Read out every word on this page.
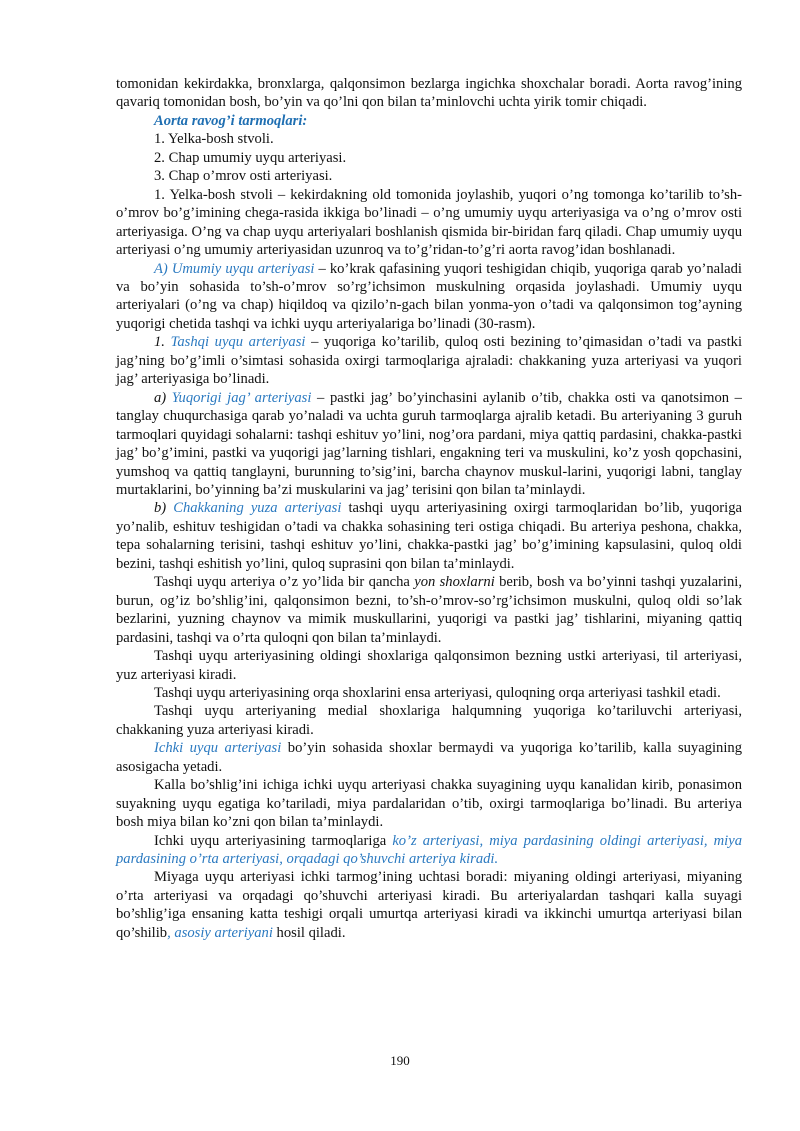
tomonidan kekirdakka, bronxlarga, qalqonsimon bezlarga ingichka shoxchalar boradi. Aorta ravog’ining qavariq tomonidan bosh, bo’yin va qo’lni qon bilan ta’minlovchi uchta yirik tomir chiqadi.

Aorta ravog’i tarmoqlari:

1. Yelka-bosh stvoli.

2. Chap umumiy uyqu arteriyasi.

3. Chap o’mrov osti arteriyasi.

1. Yelka-bosh stvoli – kekirdakning old tomonida joylashib, yuqori o’ng tomonga ko’tarilib to’sh-o’mrov bo’g’imining chega-rasida ikkiga bo’linadi – o’ng umumiy uyqu arteriyasiga va o’ng o’mrov osti arteriyasiga. O’ng va chap uyqu arteriyalari boshlanish qismida bir-biridan farq qiladi. Chap umumiy uyqu arteriyasi o’ng umumiy arteriyasidan uzunroq va to’g’ridan-to’g’ri aorta ravog’idan boshlanadi.

A) Umumiy uyqu arteriyasi – ko’krak qafasining yuqori teshigidan chiqib, yuqoriga qarab yo’naladi va bo’yin sohasida to’sh-o’mrov so’rg’ichsimon muskulning orqasida joylashadi. Umumiy uyqu arteriyalari (o’ng va chap) hiqildoq va qizilo’n-gach bilan yonma-yon o’tadi va qalqonsimon tog’ayning yuqorigi chetida tashqi va ichki uyqu arteriyalariga bo’linadi (30-rasm).

1. Tashqi uyqu arteriyasi – yuqoriga ko’tarilib, quloq osti bezining to’qimasidan o’tadi va pastki jag’ning bo’g’imli o’simtasi sohasida oxirgi tarmoqlariga ajraladi: chakkaning yuza arteriyasi va yuqori jag’ arteriyasiga bo’linadi.

a) Yuqorigi jag’ arteriyasi – pastki jag’ bo’yinchasini aylanib o’tib, chakka osti va qanotsimon – tanglay chuqurchasiga qarab yo’naladi va uchta guruh tarmoqlarga ajralib ketadi. Bu arteriyaning 3 guruh tarmoqlari quyidagi sohalarni: tashqi eshituv yo’lini, nog’ora pardani, miya qattiq pardasini, chakka-pastki jag’ bo’g’imini, pastki va yuqorigi jag’larning tishlari, engakning teri va muskulini, ko’z yosh qopchasini, yumshoq va qattiq tanglayni, burunning to’sig’ini, barcha chaynov muskul-larini, yuqorigi labni, tanglay murtaklarini, bo’yinning ba’zi muskularini va jag’ terisini qon bilan ta’minlaydi.

b) Chakkaning yuza arteriyasi tashqi uyqu arteriyasining oxirgi tarmoqlaridan bo’lib, yuqoriga yo’nalib, eshituv teshigidan o’tadi va chakka sohasining teri ostiga chiqadi. Bu arteriya peshona, chakka, tepa sohalarning terisini, tashqi eshituv yo’lini, chakka-pastki jag’ bo’g’imining kapsulasini, quloq oldi bezini, tashqi eshitish yo’lini, quloq suprasini qon bilan ta’minlaydi.

Tashqi uyqu arteriya o’z yo’lida bir qancha yon shoxlarni berib, bosh va bo’yinni tashqi yuzalarini, burun, og’iz bo’shlig’ini, qalqonsimon bezni, to’sh-o’mrov-so’rg’ichsimon muskulni, quloq oldi so’lak bezlarini, yuzning chaynov va mimik muskullarini, yuqorigi va pastki jag’ tishlarini, miyaning qattiq pardasini, tashqi va o’rta quloqni qon bilan ta’minlaydi.

Tashqi uyqu arteriyasining oldingi shoxlariga qalqonsimon bezning ustki arteriyasi, til arteriyasi, yuz arteriyasi kiradi.

Tashqi uyqu arteriyasining orqa shoxlarini ensa arteriyasi, quloqning orqa arteriyasi tashkil etadi.

Tashqi uyqu arteriyaning medial shoxlariga halqumning yuqoriga ko’tariluvchi arteriyasi, chakkaning yuza arteriyasi kiradi.

Ichki uyqu arteriyasi bo’yin sohasida shoxlar bermaydi va yuqoriga ko’tarilib, kalla suyagining asosigacha yetadi.

Kalla bo’shlig’ini ichiga ichki uyqu arteriyasi chakka suyagining uyqu kanalidan kirib, ponasimon suyakning uyqu egatiga ko’tariladi, miya pardalaridan o’tib, oxirgi tarmoqlariga bo’linadi. Bu arteriya bosh miya bilan ko’zni qon bilan ta’minlaydi.

Ichki uyqu arteriyasining tarmoqlariga ko’z arteriyasi, miya pardasining oldingi arteriyasi, miya pardasining o’rta arteriyasi, orqadagi qo’shuvchi arteriya kiradi.

Miyaga uyqu arteriyasi ichki tarmog’ining uchtasi boradi: miyaning oldingi arteriyasi, miyaning o’rta arteriyasi va orqadagi qo’shuvchi arteriyasi kiradi. Bu arteriyalardan tashqari kalla suyagi bo’shlig’iga ensaning katta teshigi orqali umurtqa arteriyasi kiradi va ikkinchi umurtqa arteriyasi bilan qo’shilib, asosiy arteriyani hosil qiladi.

190
